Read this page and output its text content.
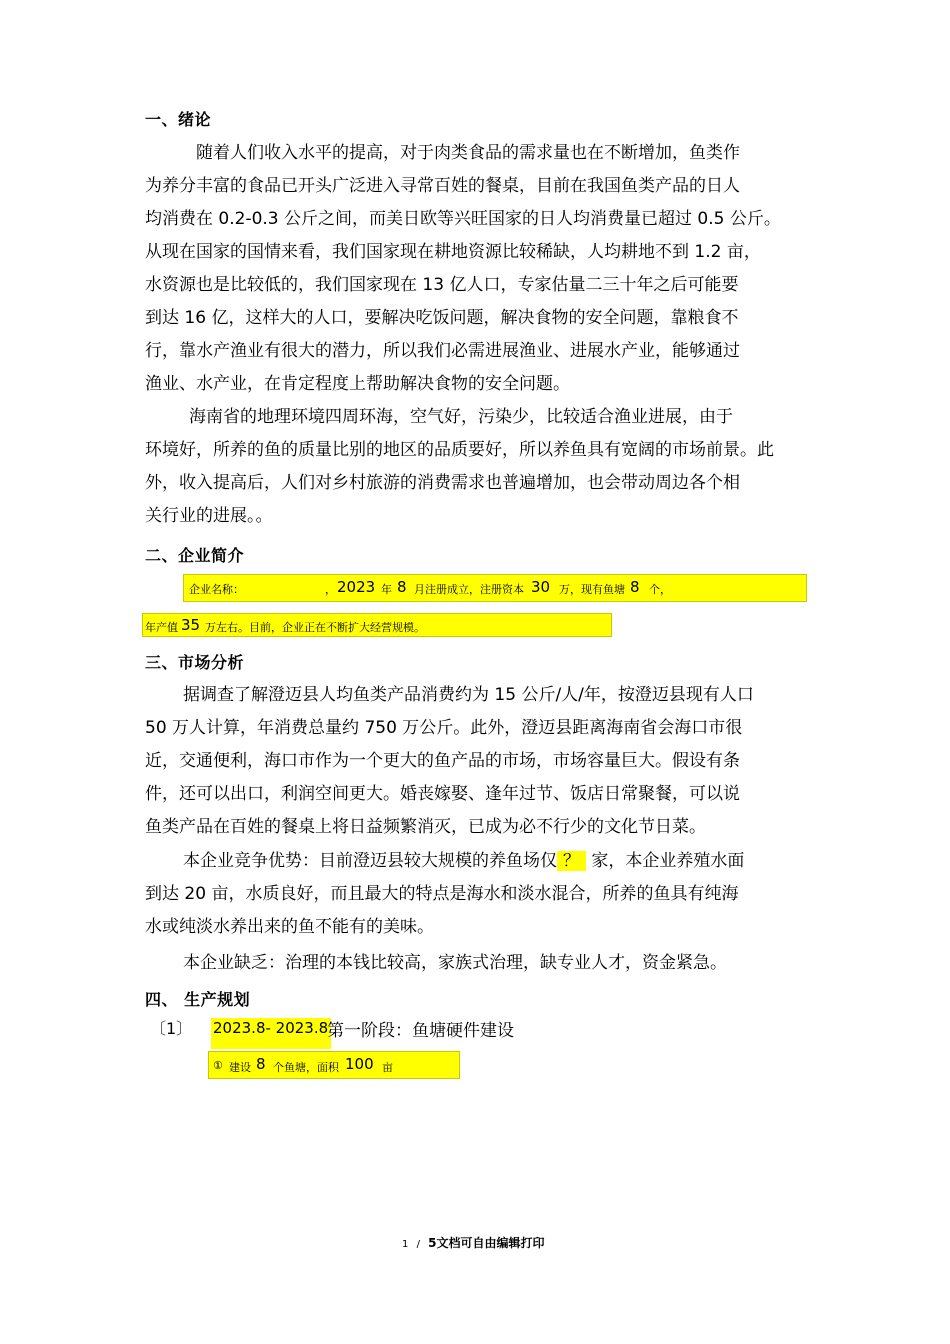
一、绪论
　随着人们收入水平的提高，对于肉类食品的需求量也在不断增加，鱼类作
为养分丰富的食品已开头广泛进入寻常百姓的餐桌，目前在我国鱼类产品的日人
均消费在 0.2-0.3 公斤之间，而美日欧等兴旺国家的日人均消费量已超过 0.5 公斤。
从现在国家的国情来看，我们国家现在耕地资源比较稀缺，人均耕地不到 1.2 亩，
水资源也是比较低的，我们国家现在 13 亿人口，专家估量二三十年之后可能要
到达 16 亿，这样大的人口，要解决吃饭问题，解决食物的安全问题，靠粮食不
行，靠水产渔业有很大的潜力，所以我们必需进展渔业、进展水产业，能够通过
渔业、水产业，在肯定程度上帮助解决食物的安全问题。
海南省的地理环境四周环海，空气好，污染少，比较适合渔业进展，由于
环境好，所养的鱼的质量比别的地区的品质要好，所以养鱼具有宽阔的市场前景。此
外，收入提高后，人们对乡村旅游的消费需求也普遍增加，也会带动周边各个相
关行业的进展。。
二、企业简介
企业名称：	， 2023 年 8 月注册成立，注册资本 30 万，现有鱼塘 8 个，
年产值 35 万左右。目前，企业正在不断扩大经营规模。
三、市场分析
据调查了解澄迈县人均鱼类产品消费约为 15 公斤/人/年，按澄迈县现有人口
50 万人计算，年消费总量约 750 万公斤。此外，澄迈县距离海南省会海口市很
近，交通便利，海口市作为一个更大的鱼产品的市场，市场容量巨大。假设有条
件，还可以出口，利润空间更大。婚丧嫁娶、逢年过节、饭店日常聚餐，可以说
鱼类产品在百姓的餐桌上将日益频繁消灭，已成为必不行少的文化节日菜。
本企业竞争优势：目前澄迈县较大规模的养鱼场仅 ？ 家，本企业养殖水面
到达 20 亩，水质良好，而且最大的特点是海水和淡水混合，所养的鱼具有纯海
水或纯淡水养出来的鱼不能有的美味。
本企业缺乏：治理的本钱比较高，家族式治理，缺专业人才，资金紧急。
四、 生产规划
〔1〕 2023.8- 2023.8
第一阶段：鱼塘硬件建设
① 建设 8 个鱼塘，面积 100 亩
1 / 5文档可自由编辑打印
